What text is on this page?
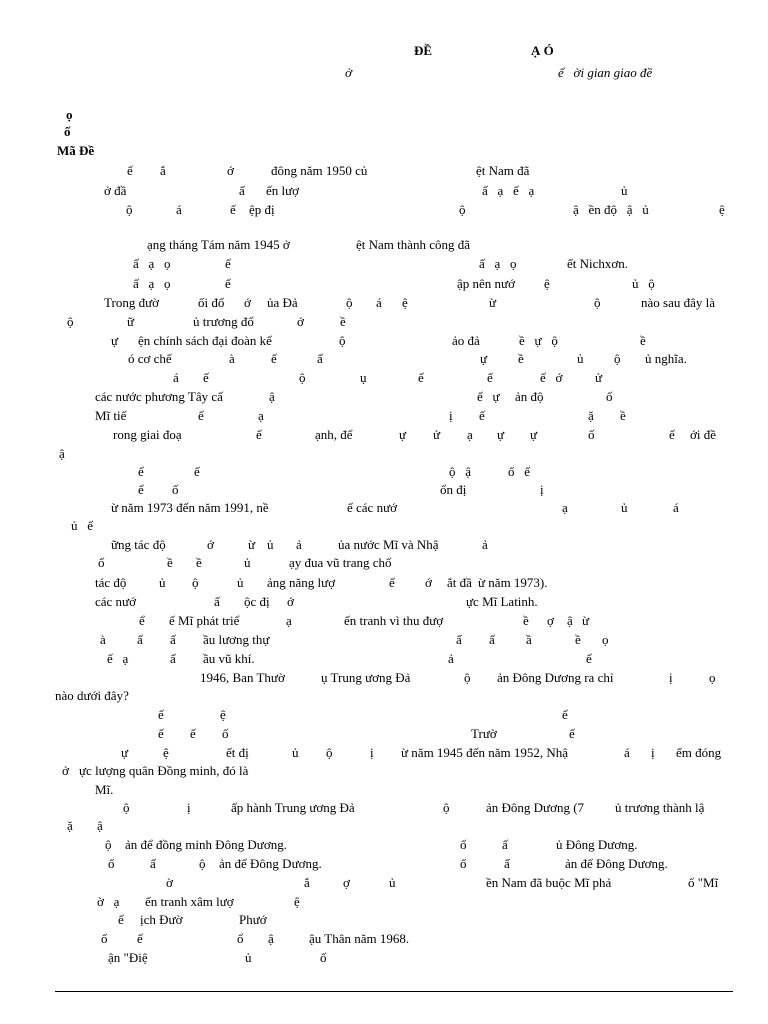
ĐỀ	Ạ Ó
ở	ể   ời gian giao đề
ọ
ố
Mã Đề
ế ắ	ớ	đông năm 1950 củ	ệt Nam đã
ở đầ	ấ ến lượ	ấ   ạ   ế   ạ	ủ
ộ	á	ế ệp đị	ộ	ậ   ền độ   ậ   ủ	ệ
ạng tháng Tám năm 1945 ở	ệt Nam thành công đã
ấ   ạ   ọ	ế	ấ   ạ   ọ	ết Nichxơn.
ấ   ạ   ọ	ế	ập nên nướ ệ	ủ   ộ
Trong đườ	ối đố ớ ủa Đả	ộ á ệ	ừ	ộ	nào sau đây là
ộ	ữ	ủ trương đổ	ớ	ề
ự ện chính sách đại đoàn kế	ộ	ảo đả	ề   ự   ộ	ề
ó cơ chế	à	ế	ấ	ự ề	ủ ộ ủ nghĩa.
á ế	ộ	ụ	ế	ế	ế   ớ	ử
các nước phương Tây cấ	ậ	ế   ự ản độ	ố
Mĩ tiế	ế	ạ	ị ế	ặ ề
rong giai đoạ	ế	ạnh, để	ự ử ạ ự ự	ố	ế ới đề
ậ
ể	ế	ộ   ậ	ố   ế
ể ố	ổn đị	ị
ừ năm 1973 đến năm 1991, nề	ế các nướ	ạ	ủ	á
ủ   ế
ững tác độ	ớ	ừ ủ ả	ủa nước Mĩ và Nhậ	ả
ố	ề ề	ủ	ạy đua vũ trang chố
tác độ	ủ ộ	ủ ảng năng lượ	ế ớ ắt đầ ừ năm 1973).
các nướ	ấ ộc đị ớ	ực Mĩ Latinh.
ể ế Mĩ phát triể	ạ	ến tranh vì thu đượ	ề ợ ậ ừ
à ấ ấ ầu lương thự	ấ ấ ầ	ề ọ
ế   ạ	ấ ầu vũ khí.	ả	ế
1946, Ban Thườ	ụ Trung ương Đả	ộ ản Đông Dương ra chỉ	ị	ọ
nào dưới đây?
ế	ệ	ế
ế ế ố	Trườ	ế
ự	ệ	ết đị	ủ ộ	ị ừ năm 1945 đến năm 1952, Nhậ	á ị ếm đóng
ở ực lượng quân Đồng minh, đó là
Mĩ.
ộ	ị	ấp hành Trung ương Đả	ộ	ản Đông Dương (7 ủ trương thành lậ
ặ ậ
ộ ản để đồng minh Đông Dương.	ố	ấ	ủ Đông Dương.
ố	ấ	ộ ản để Đông Dương.	ố	ấ	ản để Đông Dương.
ờ	ắ	ợ	ủ	ền Nam đã buộc Mĩ phả	ố "Mĩ
ờ   ạ ến tranh xâm lượ	ệ
ế ịch Đườ	Phướ
ố ế	ổ ậ	ậu Thân năm 1968.
ận "Điệ	ủ	ố
